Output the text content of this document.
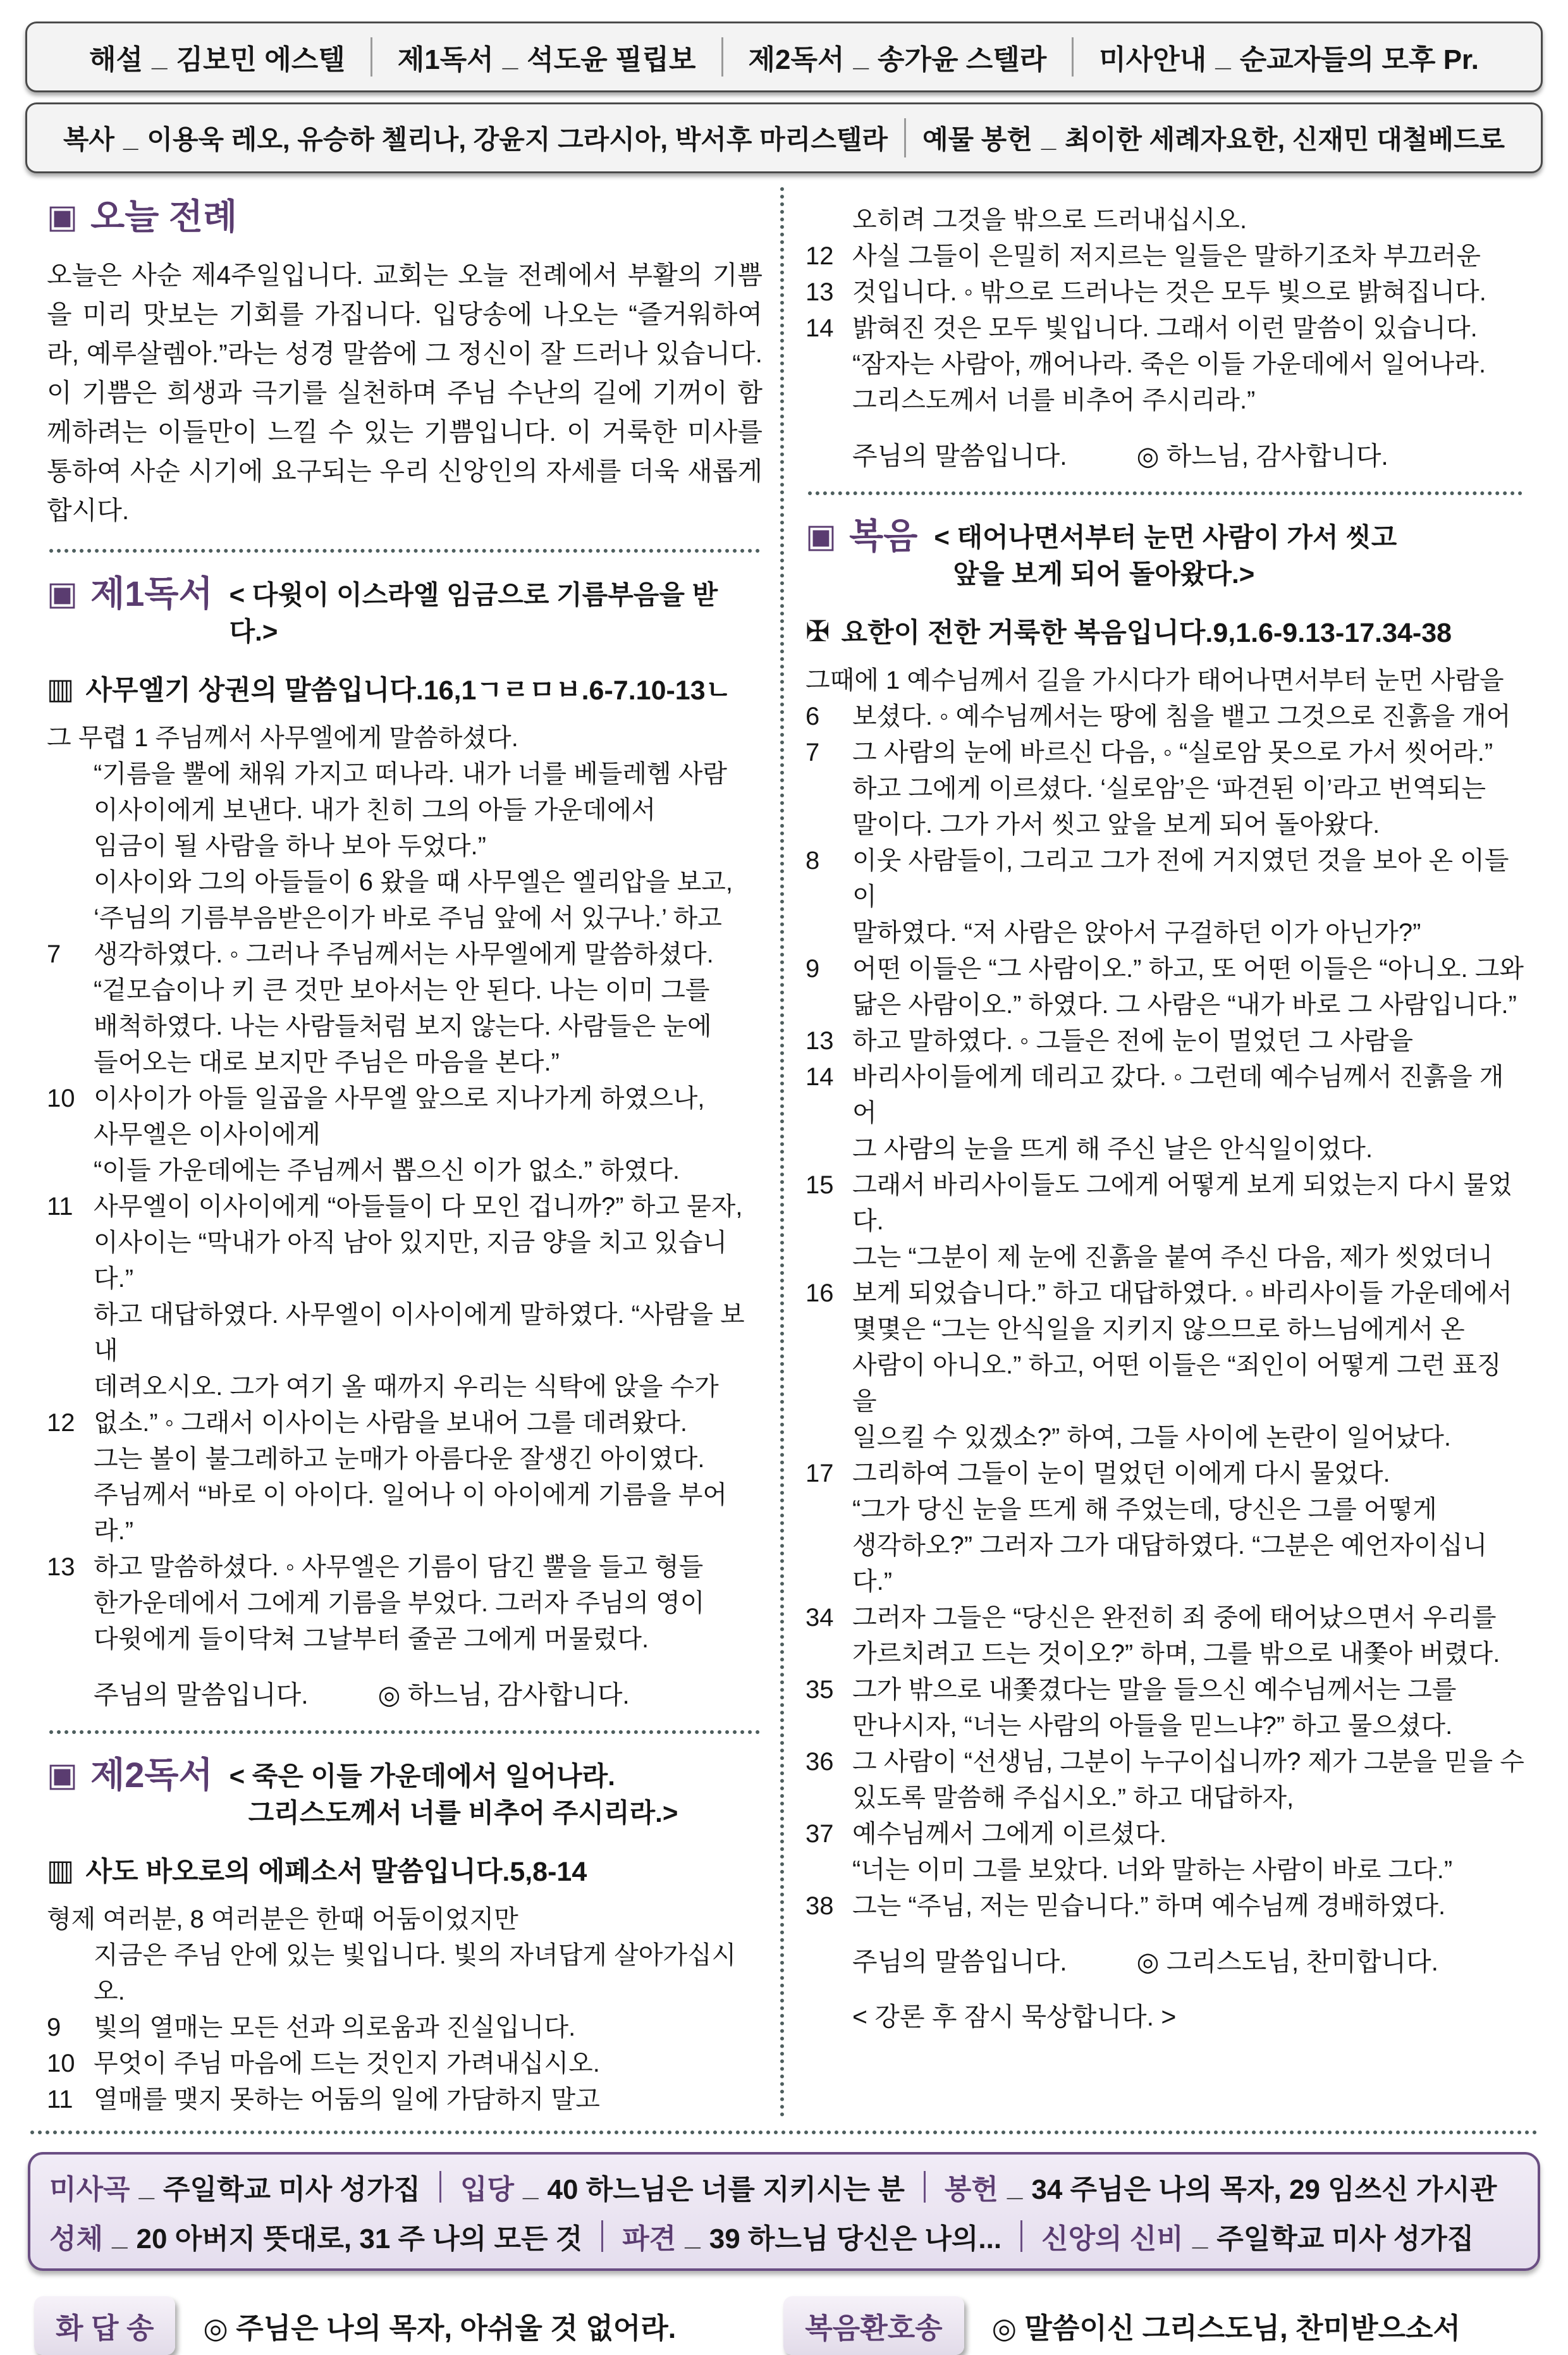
해설 _ 김보민 에스텔 제1독서 _ 석도윤 필립보 제2독서 _ 송가윤 스텔라 미사안내 _ 순교자들의 모후 Pr.
복사 _ 이용욱 레오, 유승하 첼리나, 강윤지 그라시아, 박서후 마리스텔라 예물 봉헌 _ 최이한 세례자요한, 신재민 대철베드로
▣ 오늘 전례

오늘은 사순 제4주일입니다. 교회는 오늘 전례에서 부활의 기쁨을 미리 맛보는 기회를 가집니다. 입당송에 나오는 “즐거워하여라, 예루살렘아.”라는 성경 말씀에 그 정신이 잘 드러나 있습니다. 이 기쁨은 희생과 극기를 실천하며 주님 수난의 길에 기꺼이 함께하려는 이들만이 느낄 수 있는 기쁨입니다. 이 거룩한 미사를 통하여 사순 시기에 요구되는 우리 신앙인의 자세를 더욱 새롭게 합시다.

▣ 제1독서 < 다윗이 이스라엘 임금으로 기름부음을 받다.>
▥ 사무엘기 상권의 말씀입니다.16,1ㄱㄹㅁㅂ.6-7.10-13ㄴ
그 무렵 1 주님께서 사무엘에게 말씀하셨다.
“기름을 뿔에 채워 가지고 떠나라. 내가 너를 베들레헴 사람
이사이에게 보낸다. 내가 친히 그의 아들 가운데에서
임금이 될 사람을 하나 보아 두었다.”
이사이와 그의 아들들이 6 왔을 때 사무엘은 엘리압을 보고,
‘주님의 기름부음받은이가 바로 주님 앞에 서 있구나.’ 하고
7	생각하였다. ◦ 그러나 주님께서는 사무엘에게 말씀하셨다.
“겉모습이나 키 큰 것만 보아서는 안 된다. 나는 이미 그를
배척하였다. 나는 사람들처럼 보지 않는다. 사람들은 눈에
들어오는 대로 보지만 주님은 마음을 본다.”
10 이사이가 아들 일곱을 사무엘 앞으로 지나가게 하였으나,
사무엘은 이사이에게
“이들 가운데에는 주님께서 뽑으신 이가 없소.” 하였다.
11 사무엘이 이사이에게 “아들들이 다 모인 겁니까?” 하고 묻자,
이사이는 “막내가 아직 남아 있지만, 지금 양을 치고 있습니다.”
하고 대답하였다. 사무엘이 이사이에게 말하였다. “사람을 보내
데려오시오. 그가 여기 올 때까지 우리는 식탁에 앉을 수가
12 없소.” ◦ 그래서 이사이는 사람을 보내어 그를 데려왔다.
그는 볼이 불그레하고 눈매가 아름다운 잘생긴 아이였다.
주님께서 “바로 이 아이다. 일어나 이 아이에게 기름을 부어라.”
13 하고 말씀하셨다. ◦ 사무엘은 기름이 담긴 뿔을 들고 형들
한가운데에서 그에게 기름을 부었다. 그러자 주님의 영이
다윗에게 들이닥쳐 그날부터 줄곧 그에게 머물렀다.
주님의 말씀입니다.	◎ 하느님, 감사합니다.
▣ 제2독서 < 죽은 이들 가운데에서 일어나라.
그리스도께서 너를 비추어 주시리라.>
▥ 사도 바오로의 에페소서 말씀입니다.5,8-14
형제 여러분, 8 여러분은 한때 어둠이었지만
지금은 주님 안에 있는 빛입니다. 빛의 자녀답게 살아가십시오.
9	빛의 열매는 모든 선과 의로움과 진실입니다.
10 무엇이 주님 마음에 드는 것인지 가려내십시오.
11 열매를 맺지 못하는 어둠의 일에 가담하지 말고
오히려 그것을 밖으로 드러내십시오.
12 사실 그들이 은밀히 저지르는 일들은 말하기조차 부끄러운
13 것입니다. ◦ 밖으로 드러나는 것은 모두 빛으로 밝혀집니다.
14 밝혀진 것은 모두 빛입니다. 그래서 이런 말씀이 있습니다.
“잠자는 사람아, 깨어나라. 죽은 이들 가운데에서 일어나라.
그리스도께서 너를 비추어 주시리라.”
주님의 말씀입니다.	◎ 하느님, 감사합니다.
▣ 복음 < 태어나면서부터 눈먼 사람이 가서 씻고
앞을 보게 되어 돌아왔다.>
✠ 요한이 전한 거룩한 복음입니다.9,1.6-9.13-17.34-38
그때에 1 예수님께서 길을 가시다가 태어나면서부터 눈먼 사람을
6	보셨다. ◦ 예수님께서는 땅에 침을 뱉고 그것으로 진흙을 개어
7	그 사람의 눈에 바르신 다음, ◦ “실로암 못으로 가서 씻어라.”
하고 그에게 이르셨다. ‘실로암’은 ‘파견된 이’라고 번역되는
말이다. 그가 가서 씻고 앞을 보게 되어 돌아왔다.
8	이웃 사람들이, 그리고 그가 전에 거지였던 것을 보아 온 이들이
말하였다. “저 사람은 앉아서 구걸하던 이가 아닌가?”
9	어떤 이들은 “그 사람이오.” 하고, 또 어떤 이들은 “아니오. 그와
닮은 사람이오.” 하였다. 그 사람은 “내가 바로 그 사람입니다.”
13 하고 말하였다. ◦ 그들은 전에 눈이 멀었던 그 사람을
14 바리사이들에게 데리고 갔다. ◦ 그런데 예수님께서 진흙을 개어
그 사람의 눈을 뜨게 해 주신 날은 안식일이었다.
15 그래서 바리사이들도 그에게 어떻게 보게 되었는지 다시 물었다.
그는 “그분이 제 눈에 진흙을 붙여 주신 다음, 제가 씻었더니
16 보게 되었습니다.” 하고 대답하였다. ◦ 바리사이들 가운데에서
몇몇은 “그는 안식일을 지키지 않으므로 하느님에게서 온
사람이 아니오.” 하고, 어떤 이들은 “죄인이 어떻게 그런 표징을
일으킬 수 있겠소?” 하여, 그들 사이에 논란이 일어났다.
17 그리하여 그들이 눈이 멀었던 이에게 다시 물었다.
“그가 당신 눈을 뜨게 해 주었는데, 당신은 그를 어떻게
생각하오?” 그러자 그가 대답하였다. “그분은 예언자이십니다.”
34 그러자 그들은 “당신은 완전히 죄 중에 태어났으면서 우리를
가르치려고 드는 것이오?” 하며, 그를 밖으로 내쫓아 버렸다.
35 그가 밖으로 내쫓겼다는 말을 들으신 예수님께서는 그를
만나시자, “너는 사람의 아들을 믿느냐?” 하고 물으셨다.
36 그 사람이 “선생님, 그분이 누구이십니까? 제가 그분을 믿을 수
있도록 말씀해 주십시오.” 하고 대답하자,
37 예수님께서 그에게 이르셨다.
“너는 이미 그를 보았다. 너와 말하는 사람이 바로 그다.”
38 그는 “주님, 저는 믿습니다.” 하며 예수님께 경배하였다.
주님의 말씀입니다.	◎ 그리스도님, 찬미합니다.
< 강론 후 잠시 묵상합니다. >
미사곡 _ 주일학교 미사 성가집 입당 _ 40 하느님은 너를 지키시는 분 봉헌 _ 34 주님은 나의 목자, 29 임쓰신 가시관
성체 _ 20 아버지 뜻대로, 31 주 나의 모든 것 파견 _ 39 하느님 당신은 나의... 신앙의 신비 _ 주일학교 미사 성가집
화 답 송	◎ 주님은 나의 목자, 아쉬울 것 없어라.	복음환호송	◎ 말씀이신 그리스도님, 찬미받으소서
